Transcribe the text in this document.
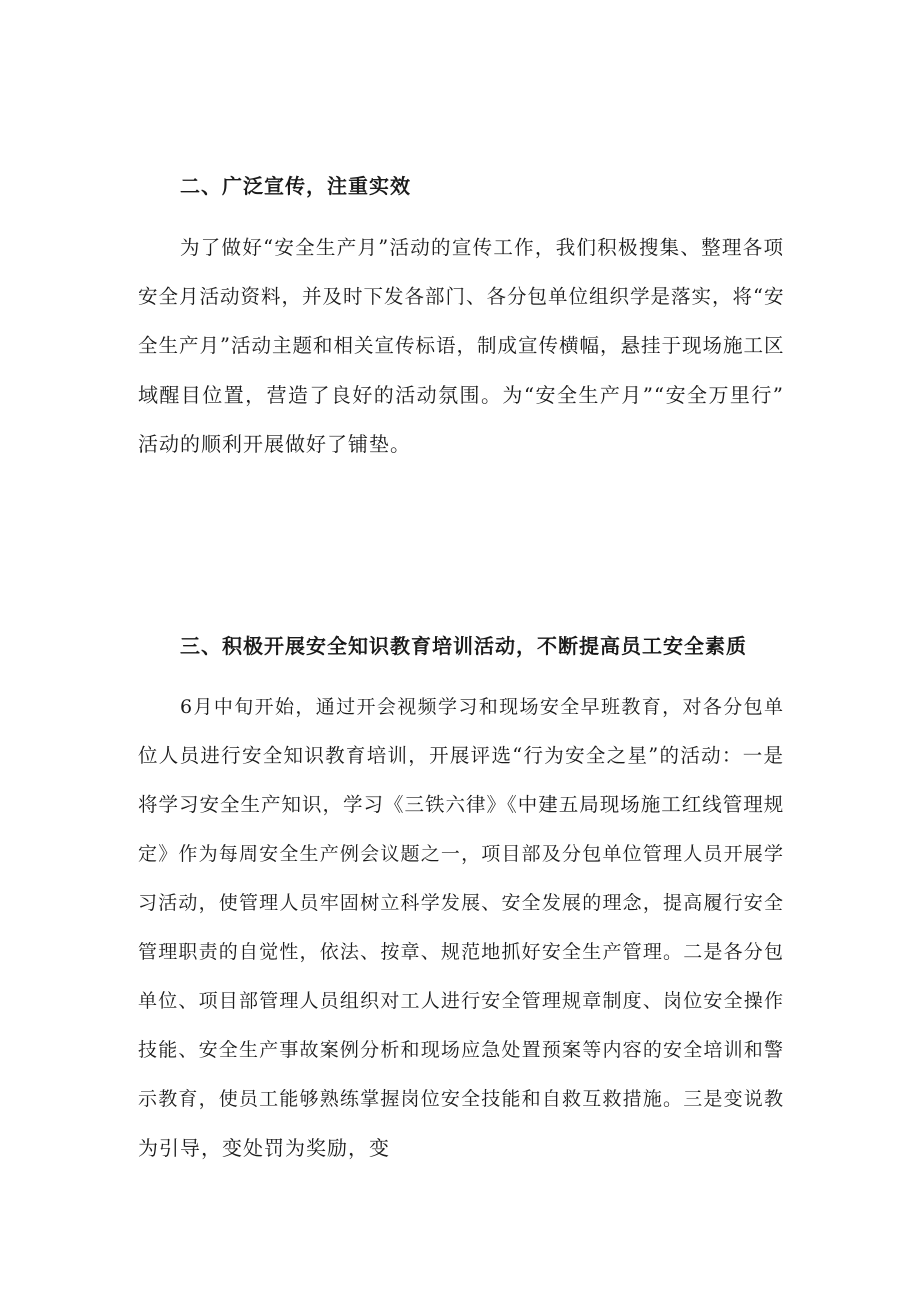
二、广泛宣传，注重实效
为了做好“安全生产月”活动的宣传工作，我们积极搜集、整理各项
安全月活动资料，并及时下发各部门、各分包单位组织学是落实，将“安
全生产月”活动主题和相关宣传标语，制成宣传横幅，悬挂于现场施工区
域醒目位置，营造了良好的活动氛围。为“安全生产月”“安全万里行”
活动的顺利开展做好了铺垫。
三、积极开展安全知识教育培训活动，不断提高员工安全素质
6月中旬开始，通过开会视频学习和现场安全早班教育，对各分包单
位人员进行安全知识教育培训，开展评选“行为安全之星”的活动：一是
将学习安全生产知识，学习《三铁六律》《中建五局现场施工红线管理规
定》作为每周安全生产例会议题之一，项目部及分包单位管理人员开展学
习活动，使管理人员牢固树立科学发展、安全发展的理念，提高履行安全
管理职责的自觉性，依法、按章、规范地抓好安全生产管理。二是各分包
单位、项目部管理人员组织对工人进行安全管理规章制度、岗位安全操作
技能、安全生产事故案例分析和现场应急处置预案等内容的安全培训和警
示教育，使员工能够熟练掌握岗位安全技能和自救互救措施。三是变说教
为引导，变处罚为奖励，变
